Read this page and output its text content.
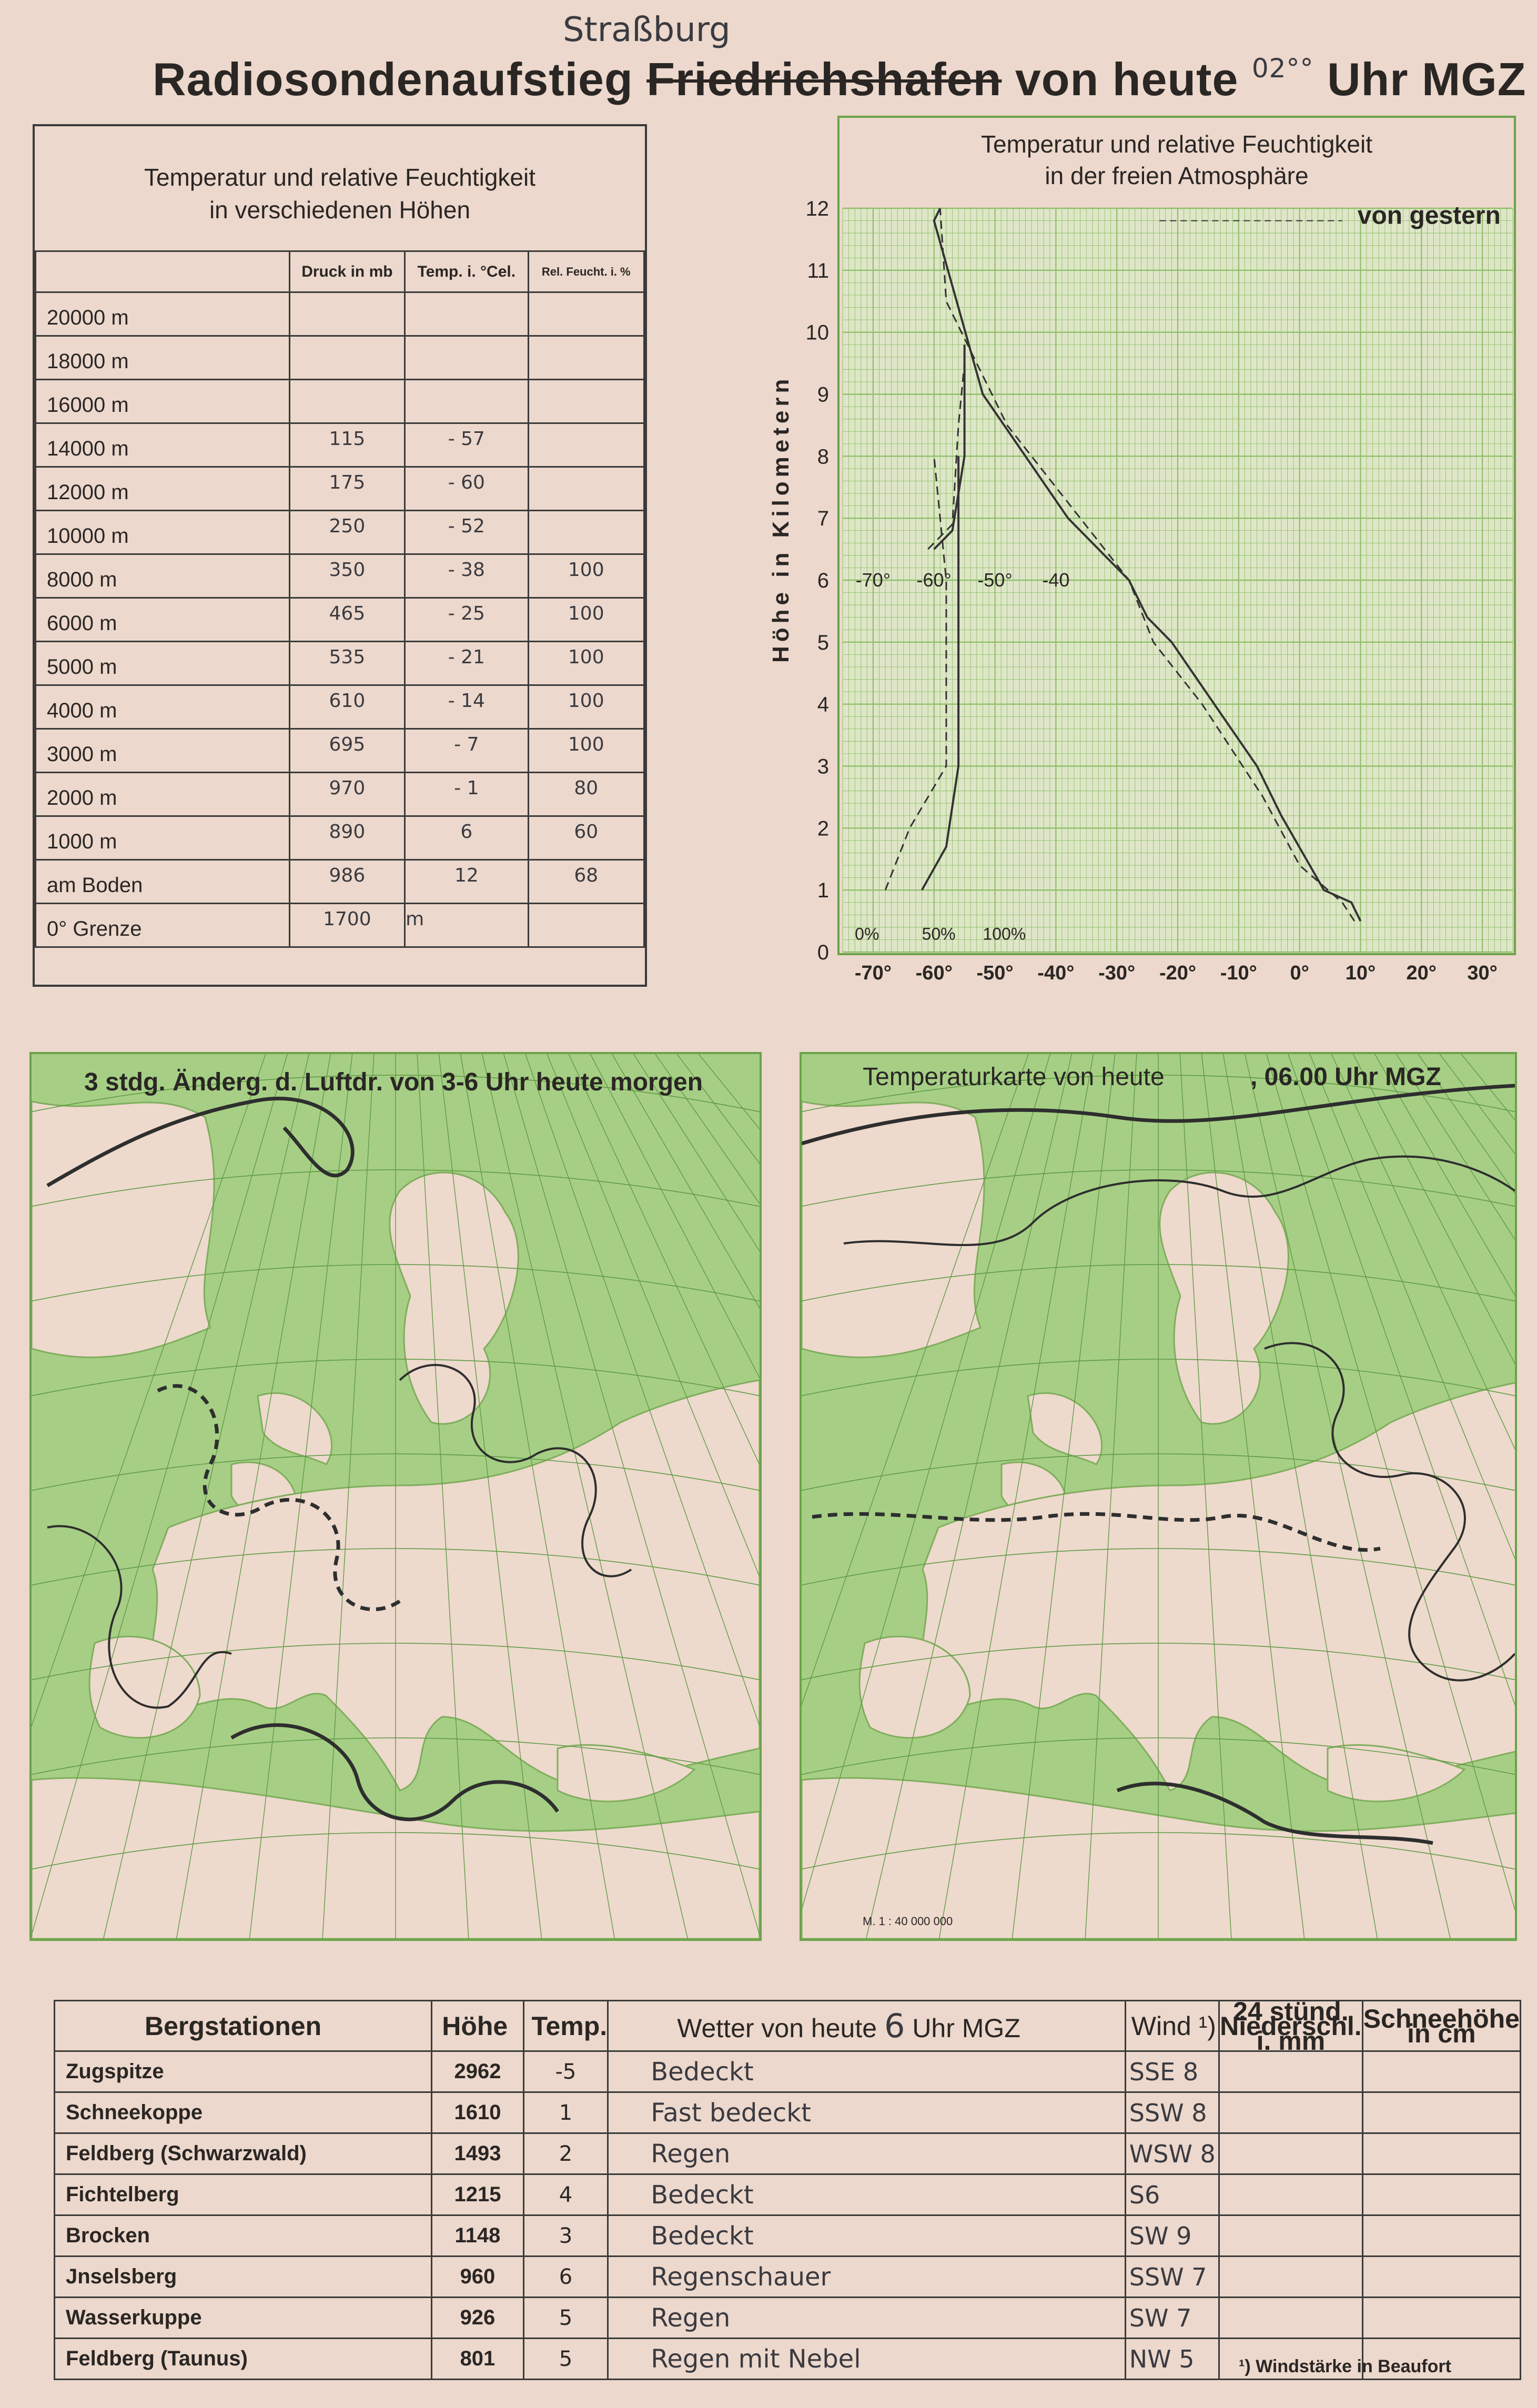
Straßburg
Radiosondenaufstieg Friedrichshafen von heute $^{02^\circ^\circ}$ Uhr MGZ
Temperatur und relative Feuchtigkeit
in verschiedenen Höhen
	Druck in mb	Temp. i. °Cel.	Rel. Feucht. i. %
20000 m			
18000 m			
16000 m			
14000 m	115	- 57	
12000 m	175	- 60	
10000 m	250	- 52	
8000 m	350	- 38	100
6000 m	465	- 25	100
5000 m	535	- 21	100
4000 m	610	- 14	100
3000 m	695	- 7	100
2000 m	970	- 1	80
1000 m	890	6	60
am Boden	986	12	68
0° Grenze	1700	m	
Temperatur und relative Feuchtigkeit
in der freien Atmosphäre
Höhe in Kilometern
0
1
2
3
4
5
6
7
8
9
10
11
12
-70° -60° -50° -40° -30° -20° -10° 0° 10° 20° 30°
-70° -60° -50° -40
0%	50% 100%
von gestern
3 stdg. Änderg. d. Luftdr. von 3-6 Uhr heute morgen	Temperaturkarte von heute	, 06.00 Uhr MGZ
M. 1 : 40 000 000
Bergstationen	Höhe	Temp.	Wetter von heute 6 Uhr MGZ	Wind ¹)	24 stünd. Niederschl. i. mm	Schneehöhe in cm
Zugspitze	2962	-5	Bedeckt	SSE 8		
Schneekoppe	1610	1	Fast bedeckt	SSW 8		
Feldberg (Schwarzwald)	1493	2	Regen	WSW 8		
Fichtelberg	1215	4	Bedeckt	S6		
Brocken	1148	3	Bedeckt	SW 9		
Jnselsberg	960	6	Regenschauer	SSW 7		
Wasserkuppe	926	5	Regen	SW 7		
Feldberg (Taunus)	801	5	Regen mit Nebel	NW 5		¹) Windstärke in Beaufort
